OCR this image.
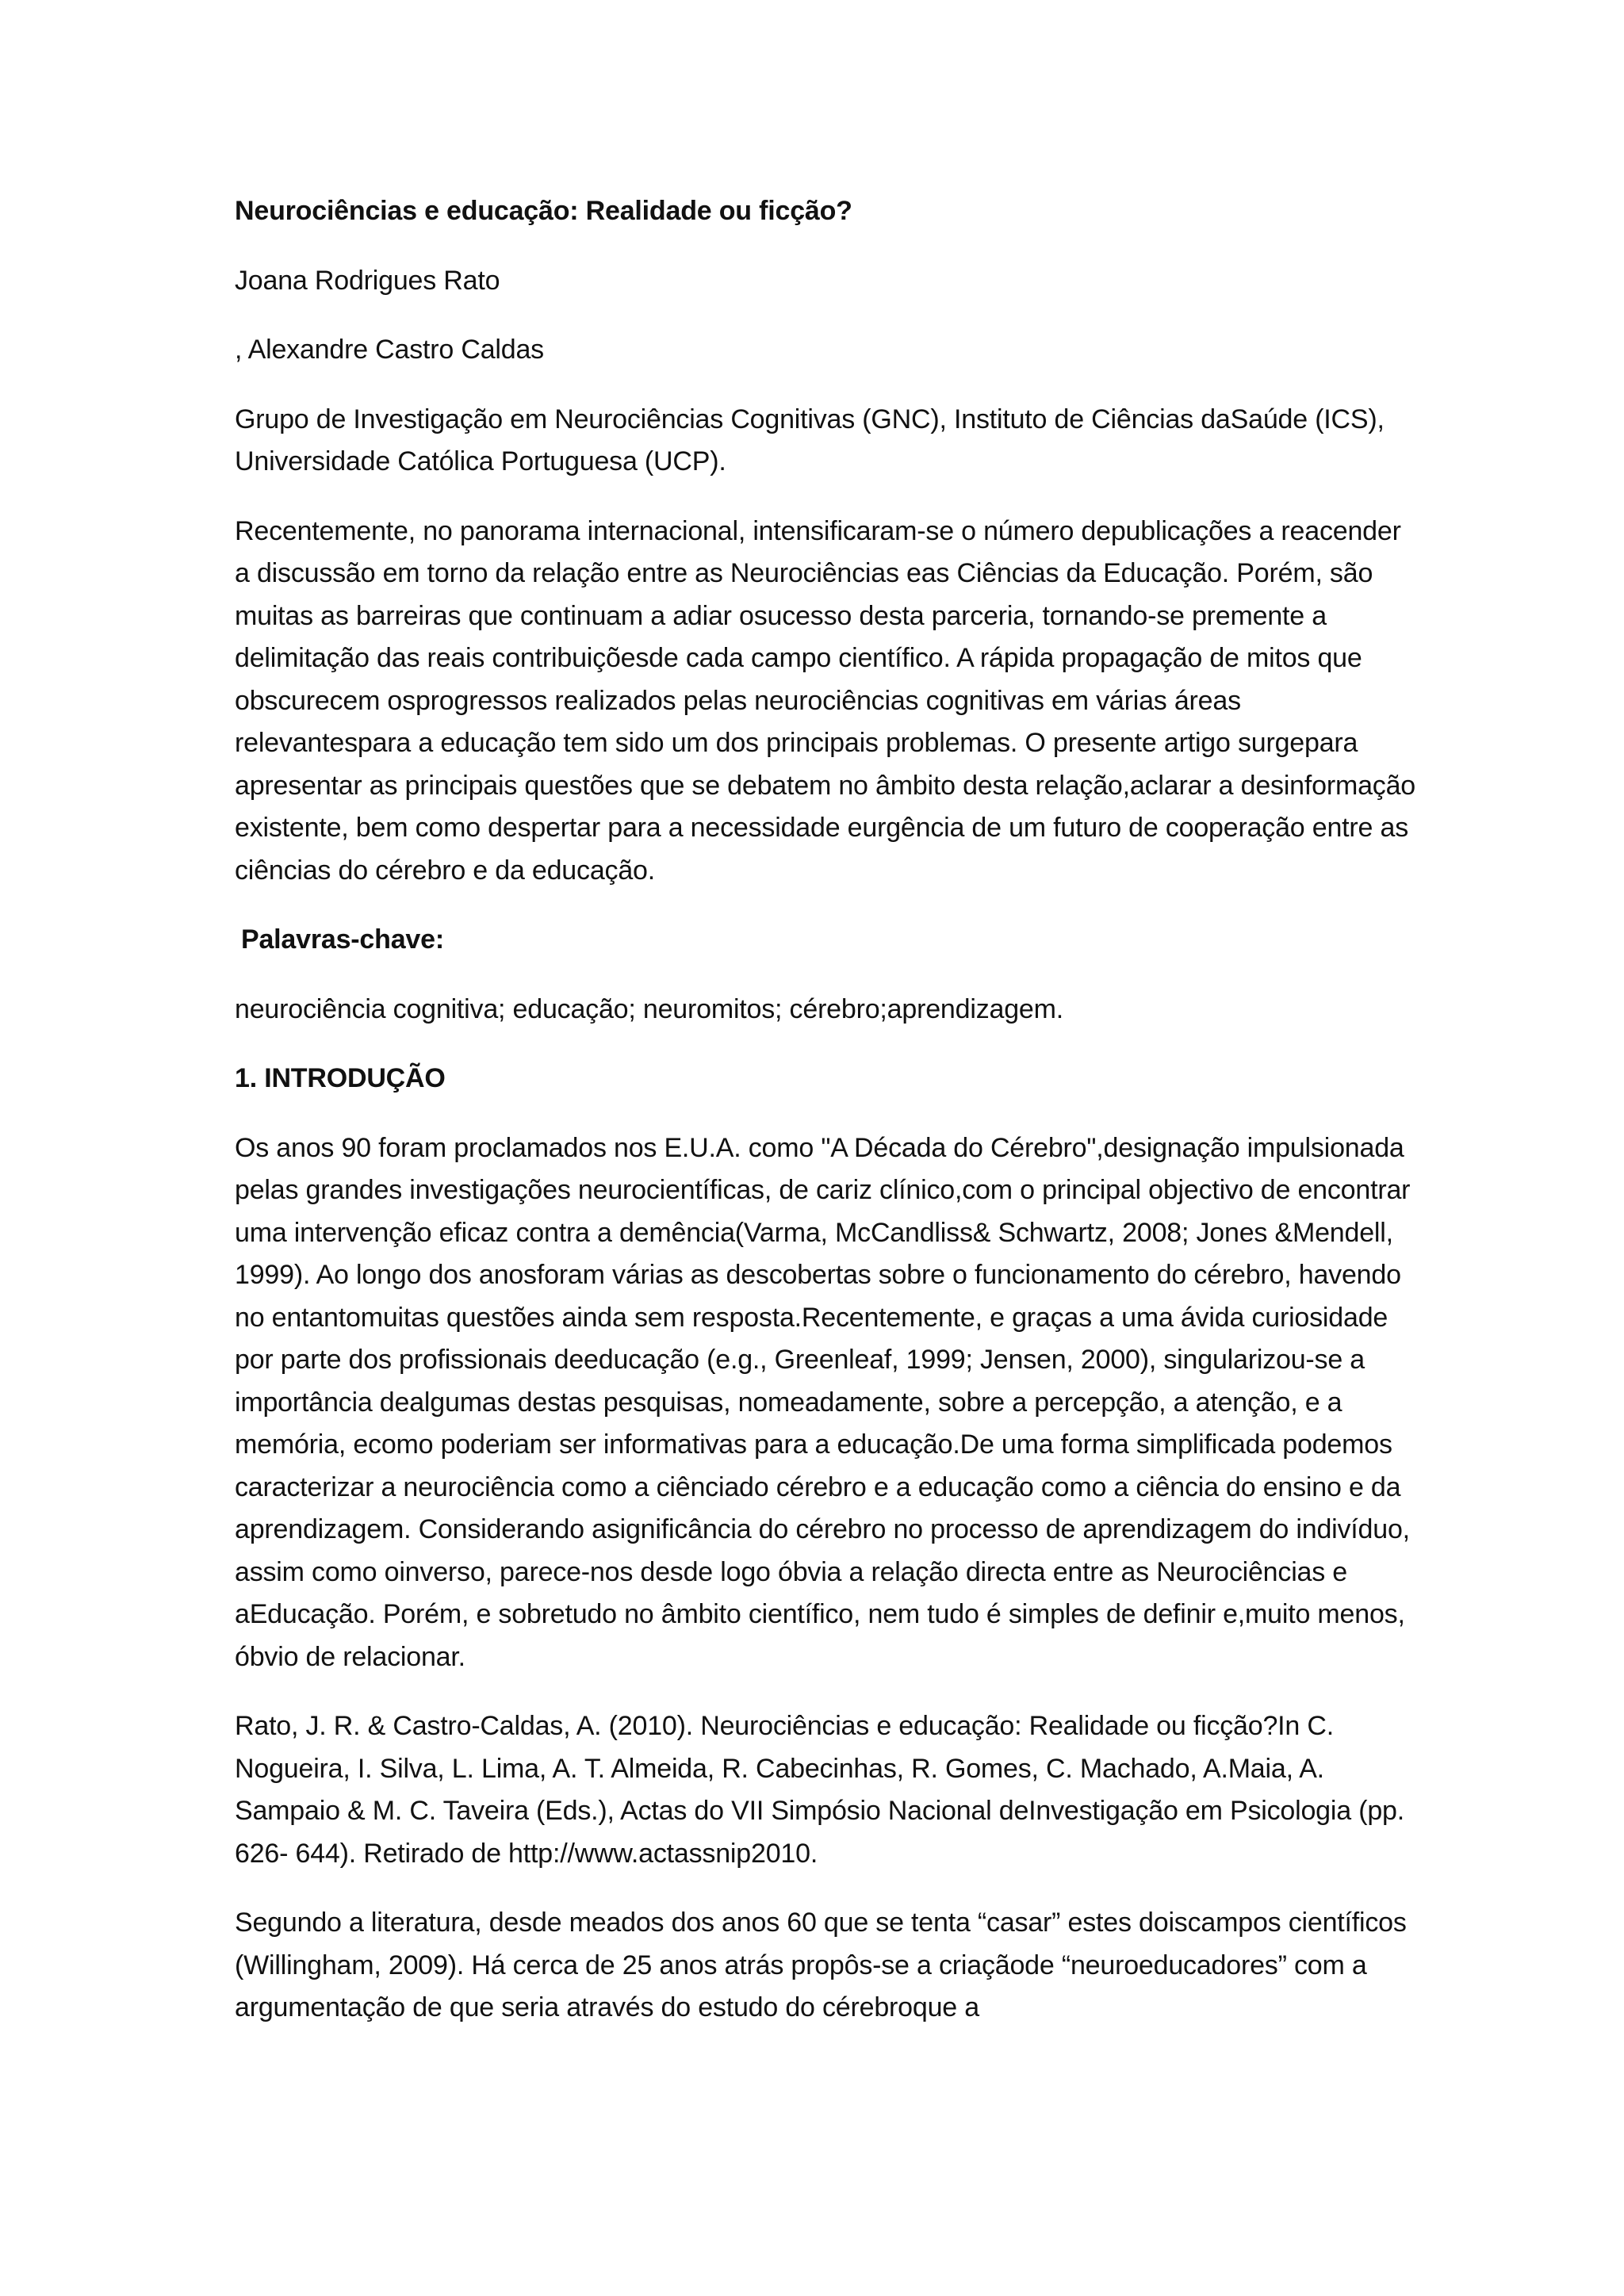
Neurociências e educação: Realidade ou ficção?

Joana Rodrigues Rato

, Alexandre Castro Caldas

Grupo de Investigação em Neurociências Cognitivas (GNC), Instituto de Ciências daSaúde (ICS), Universidade Católica Portuguesa (UCP).

Recentemente, no panorama internacional, intensificaram-se o número depublicações a reacender a discussão em torno da relação entre as Neurociências eas Ciências da Educação. Porém, são muitas as barreiras que continuam a adiar osucesso desta parceria, tornando-se premente a delimitação das reais contribuiçõesde cada campo científico. A rápida propagação de mitos que obscurecem osprogressos realizados pelas neurociências cognitivas em várias áreas relevantespara a educação tem sido um dos principais problemas. O presente artigo surgepara apresentar as principais questões que se debatem no âmbito desta relação,aclarar a desinformação existente, bem como despertar para a necessidade eurgência de um futuro de cooperação entre as ciências do cérebro e da educação.

Palavras-chave:

neurociência cognitiva; educação; neuromitos; cérebro;aprendizagem.

1. INTRODUÇÃO

Os anos 90 foram proclamados nos E.U.A. como "A Década do Cérebro",designação impulsionada pelas grandes investigações neurocientíficas, de cariz clínico,com o principal objectivo de encontrar uma intervenção eficaz contra a demência(Varma, McCandliss& Schwartz, 2008; Jones &Mendell, 1999). Ao longo dos anosforam várias as descobertas sobre o funcionamento do cérebro, havendo no entantomuitas questões ainda sem resposta.Recentemente, e graças a uma ávida curiosidade por parte dos profissionais deeducação (e.g., Greenleaf, 1999; Jensen, 2000), singularizou-se a importância dealgumas destas pesquisas, nomeadamente, sobre a percepção, a atenção, e a memória, ecomo poderiam ser informativas para a educação.De uma forma simplificada podemos caracterizar a neurociência como a ciênciado cérebro e a educação como a ciência do ensino e da aprendizagem. Considerando asignificância do cérebro no processo de aprendizagem do indivíduo, assim como oinverso, parece-nos desde logo óbvia a relação directa entre as Neurociências e aEducação. Porém, e sobretudo no âmbito científico, nem tudo é simples de definir e,muito menos, óbvio de relacionar.

Rato, J. R. & Castro-Caldas, A. (2010). Neurociências e educação: Realidade ou ficção?In C. Nogueira, I. Silva, L. Lima, A. T. Almeida, R. Cabecinhas, R. Gomes, C. Machado, A.Maia, A. Sampaio & M. C. Taveira (Eds.), Actas do VII Simpósio Nacional deInvestigação em Psicologia (pp. 626- 644). Retirado de http://www.actassnip2010.

Segundo a literatura, desde meados dos anos 60 que se tenta “casar” estes doiscampos científicos (Willingham, 2009). Há cerca de 25 anos atrás propôs-se a criaçãode “neuroeducadores” com a argumentação de que seria através do estudo do cérebroque a
